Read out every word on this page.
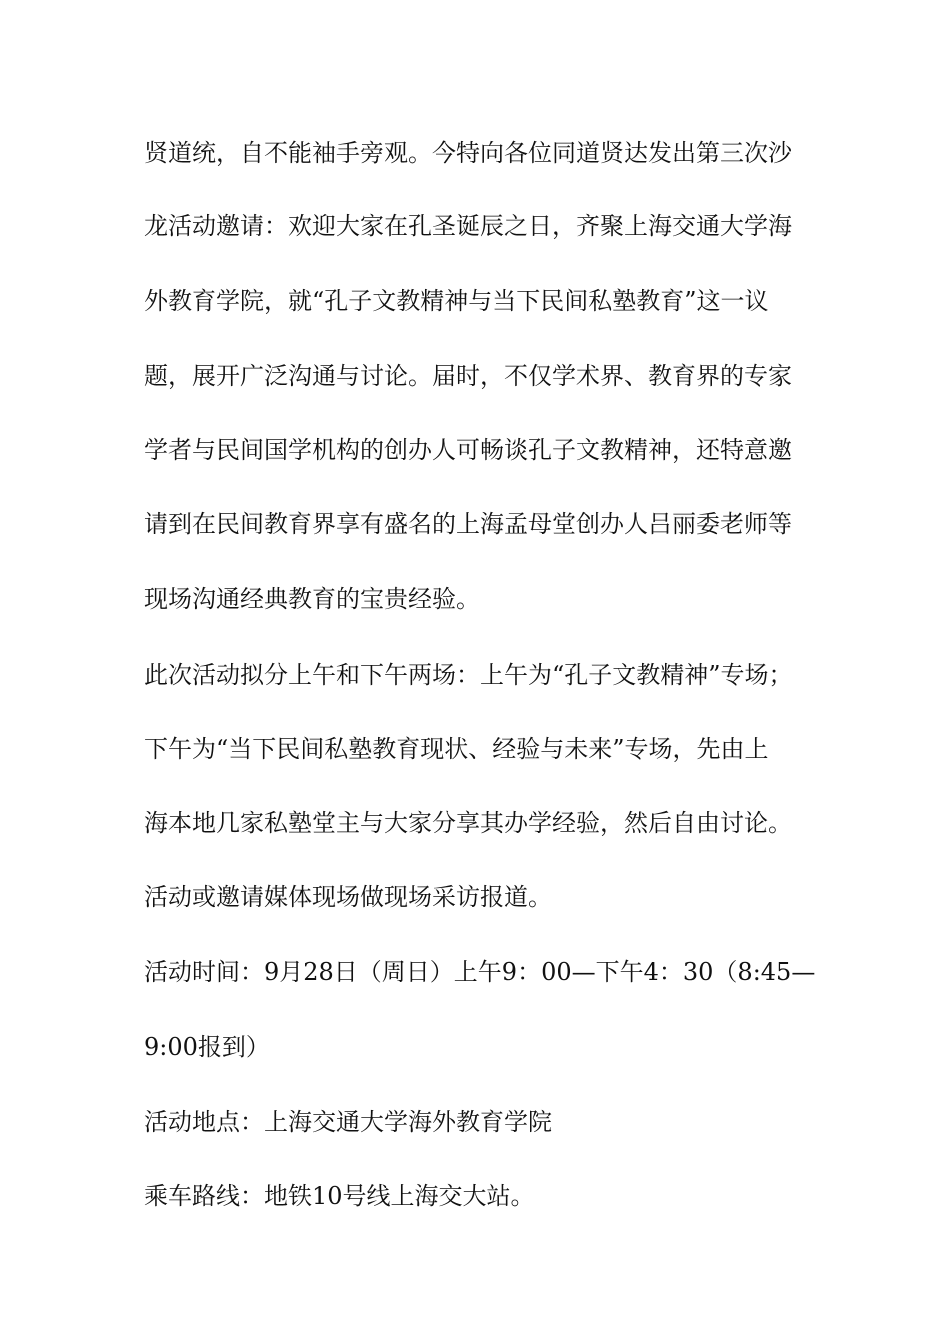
贤道统，自不能袖手旁观。今特向各位同道贤达发出第三次沙
龙活动邀请：欢迎大家在孔圣诞辰之日，齐聚上海交通大学海
外教育学院，就“孔子文教精神与当下民间私塾教育”这一议
题，展开广泛沟通与讨论。届时，不仅学术界、教育界的专家
学者与民间国学机构的创办人可畅谈孔子文教精神，还特意邀
请到在民间教育界享有盛名的上海孟母堂创办人吕丽委老师等
现场沟通经典教育的宝贵经验。
此次活动拟分上午和下午两场：上午为“孔子文教精神”专场；
下午为“当下民间私塾教育现状、经验与未来”专场，先由上
海本地几家私塾堂主与大家分享其办学经验，然后自由讨论。
活动或邀请媒体现场做现场采访报道。
活动时间：9月28日（周日）上午9：00—下午4：30（8:45—
9:00报到）
活动地点：上海交通大学海外教育学院
乘车路线：地铁10号线上海交大站。
